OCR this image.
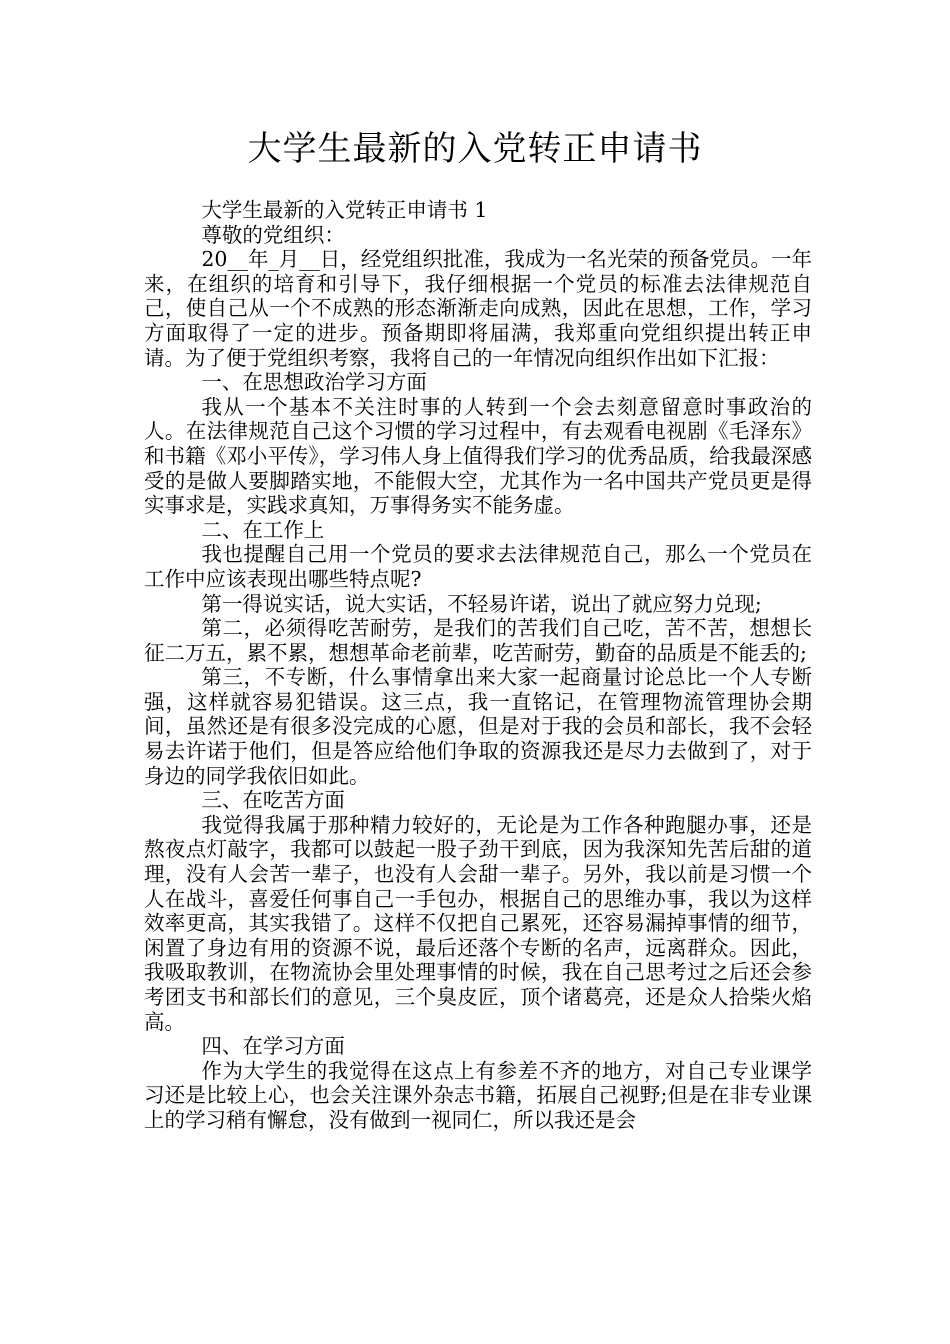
大学生最新的入党转正申请书

大学生最新的入党转正申请书 1

尊敬的党组织：

20__年_月__日，经党组织批准，我成为一名光荣的预备党员。一年来，在组织的培育和引导下，我仔细根据一个党员的标准去法律规范自己，使自己从一个不成熟的形态渐渐走向成熟，因此在思想，工作，学习方面取得了一定的进步。预备期即将届满，我郑重向党组织提出转正申请。为了便于党组织考察，我将自己的一年情况向组织作出如下汇报：

一、在思想政治学习方面

我从一个基本不关注时事的人转到一个会去刻意留意时事政治的人。在法律规范自己这个习惯的学习过程中，有去观看电视剧《毛泽东》和书籍《邓小平传》，学习伟人身上值得我们学习的优秀品质，给我最深感受的是做人要脚踏实地，不能假大空，尤其作为一名中国共产党员更是得实事求是，实践求真知，万事得务实不能务虚。

二、在工作上

我也提醒自己用一个党员的要求去法律规范自己，那么一个党员在工作中应该表现出哪些特点呢?

第一得说实话，说大实话，不轻易许诺，说出了就应努力兑现;

第二，必须得吃苦耐劳，是我们的苦我们自己吃，苦不苦，想想长征二万五，累不累，想想革命老前辈，吃苦耐劳，勤奋的品质是不能丢的;

第三，不专断，什么事情拿出来大家一起商量讨论总比一个人专断强，这样就容易犯错误。这三点，我一直铭记，在管理物流管理协会期间，虽然还是有很多没完成的心愿，但是对于我的会员和部长，我不会轻易去许诺于他们，但是答应给他们争取的资源我还是尽力去做到了，对于身边的同学我依旧如此。

三、在吃苦方面

我觉得我属于那种精力较好的，无论是为工作各种跑腿办事，还是熬夜点灯敲字，我都可以鼓起一股子劲干到底，因为我深知先苦后甜的道理，没有人会苦一辈子，也没有人会甜一辈子。另外，我以前是习惯一个人在战斗，喜爱任何事自己一手包办，根据自己的思维办事，我以为这样效率更高，其实我错了。这样不仅把自己累死，还容易漏掉事情的细节，闲置了身边有用的资源不说，最后还落个专断的名声，远离群众。因此，我吸取教训，在物流协会里处理事情的时候，我在自己思考过之后还会参考团支书和部长们的意见，三个臭皮匠，顶个诸葛亮，还是众人拾柴火焰高。

四、在学习方面

作为大学生的我觉得在这点上有参差不齐的地方，对自己专业课学习还是比较上心，也会关注课外杂志书籍，拓展自己视野;但是在非专业课上的学习稍有懈怠，没有做到一视同仁，所以我还是会
